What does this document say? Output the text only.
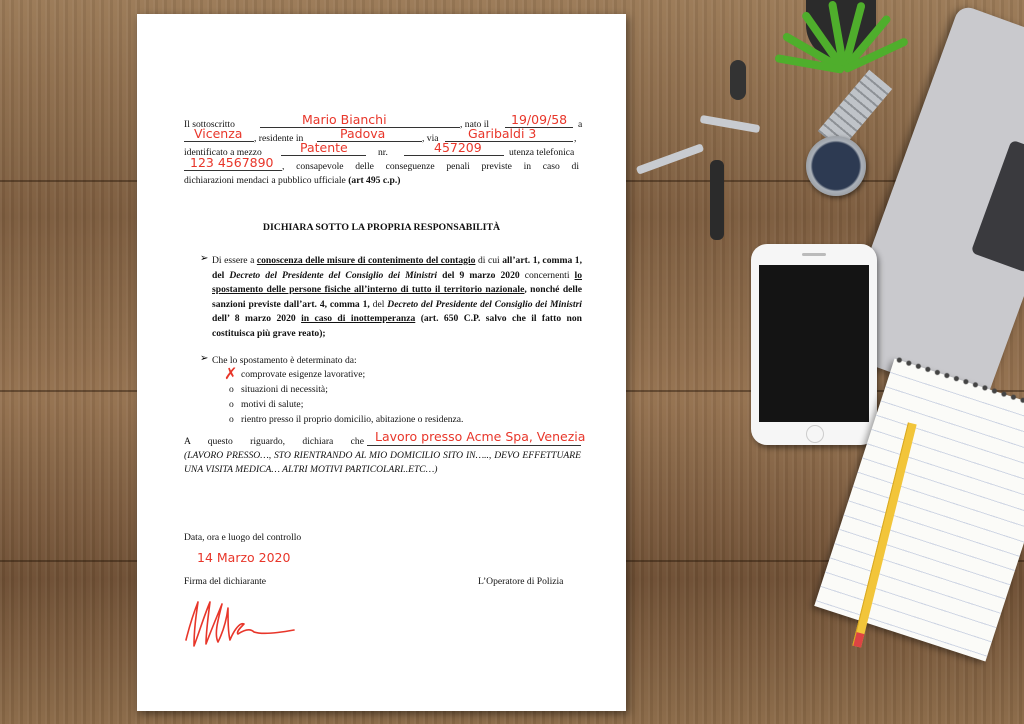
Il sottoscritto	Mario Bianchi	, nato il 19/09/58 a
Vicenza , residente in	Padova	, via Garibaldi 3	,
identificato a mezzo	Patente	nr.	457209	utenza telefonica
123 4567890 , consapevole delle conseguenze penali previste in caso di
dichiarazioni mendaci a pubblico ufficiale (art 495 c.p.)
DICHIARA SOTTO LA PROPRIA RESPONSABILITÀ
➢ Di essere a conoscenza delle misure di contenimento del contagio di cui all’art. 1, comma 1, del Decreto del Presidente del Consiglio dei Ministri del 9 marzo 2020 concernenti lo spostamento delle persone fisiche all’interno di tutto il territorio nazionale, nonché delle sanzioni previste dall’art. 4, comma 1, del Decreto del Presidente del Consiglio dei Ministri dell’ 8 marzo 2020 in caso di inottemperanza (art. 650 C.P. salvo che il fatto non costituisca più grave reato);
➢ Che lo spostamento è determinato da:
✗ comprovate esigenze lavorative;
o situazioni di necessità;
o motivi di salute;
o rientro presso il proprio domicilio, abitazione o residenza.
A questo riguardo, dichiara che Lavoro presso Acme Spa, Venezia
(LAVORO PRESSO…, STO RIENTRANDO AL MIO DOMICILIO SITO IN….., DEVO EFFETTUARE UNA VISITA MEDICA… ALTRI MOTIVI PARTICOLARI..ETC…)
Data, ora e luogo del controllo
14 Marzo 2020
Firma del dichiarante	L’Operatore di Polizia
